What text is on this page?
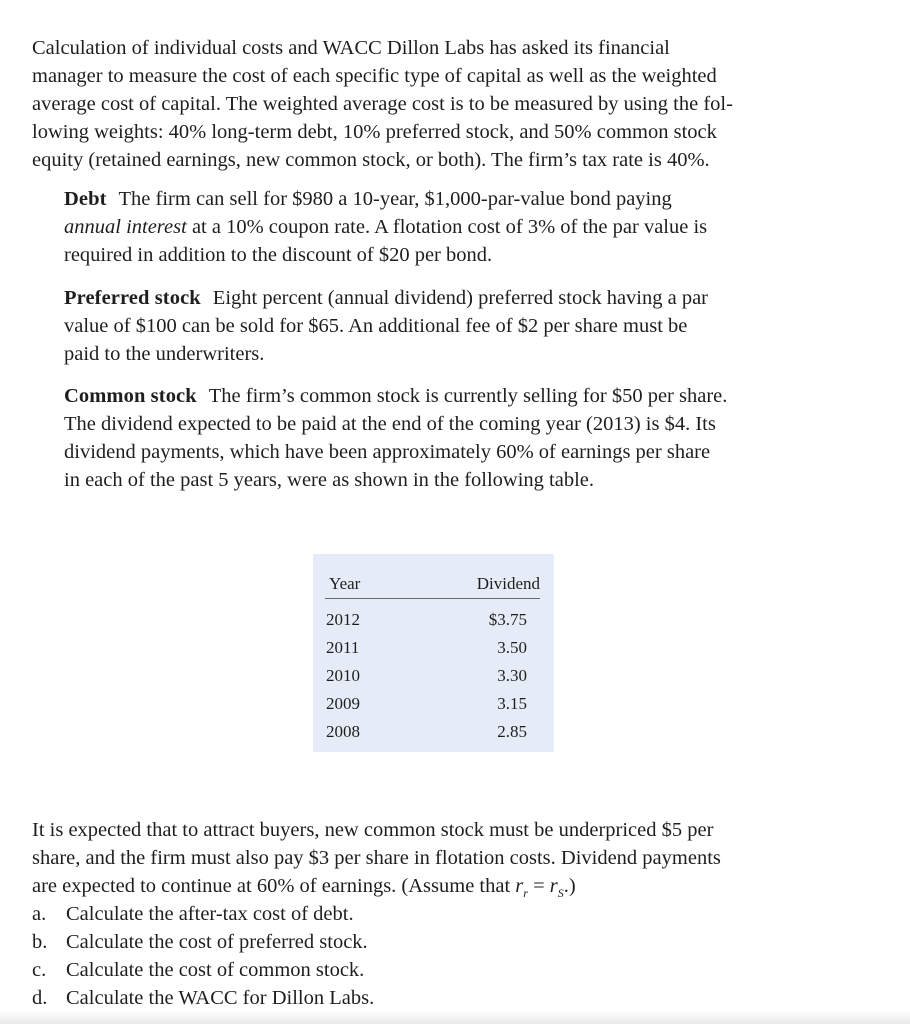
Calculation of individual costs and WACC Dillon Labs has asked its financial
manager to measure the cost of each specific type of capital as well as the weighted
average cost of capital. The weighted average cost is to be measured by using the fol-
lowing weights: 40% long-term debt, 10% preferred stock, and 50% common stock
equity (retained earnings, new common stock, or both). The firm’s tax rate is 40%.
Debt The firm can sell for $980 a 10-year, $1,000-par-value bond paying
annual interest at a 10% coupon rate. A flotation cost of 3% of the par value is
required in addition to the discount of $20 per bond.
Preferred stock Eight percent (annual dividend) preferred stock having a par
value of $100 can be sold for $65. An additional fee of $2 per share must be
paid to the underwriters.
Common stock The firm’s common stock is currently selling for $50 per share.
The dividend expected to be paid at the end of the coming year (2013) is $4. Its
dividend payments, which have been approximately 60% of earnings per share
in each of the past 5 years, were as shown in the following table.
Year	Dividend
2012	$3.75
2011	3.50
2010	3.30
2009	3.15
2008	2.85
It is expected that to attract buyers, new common stock must be underpriced $5 per
share, and the firm must also pay $3 per share in flotation costs. Dividend payments
are expected to continue at 60% of earnings. (Assume that $r_r = r_S$.)
a. Calculate the after-tax cost of debt.
b. Calculate the cost of preferred stock.
c. Calculate the cost of common stock.
d. Calculate the WACC for Dillon Labs.
